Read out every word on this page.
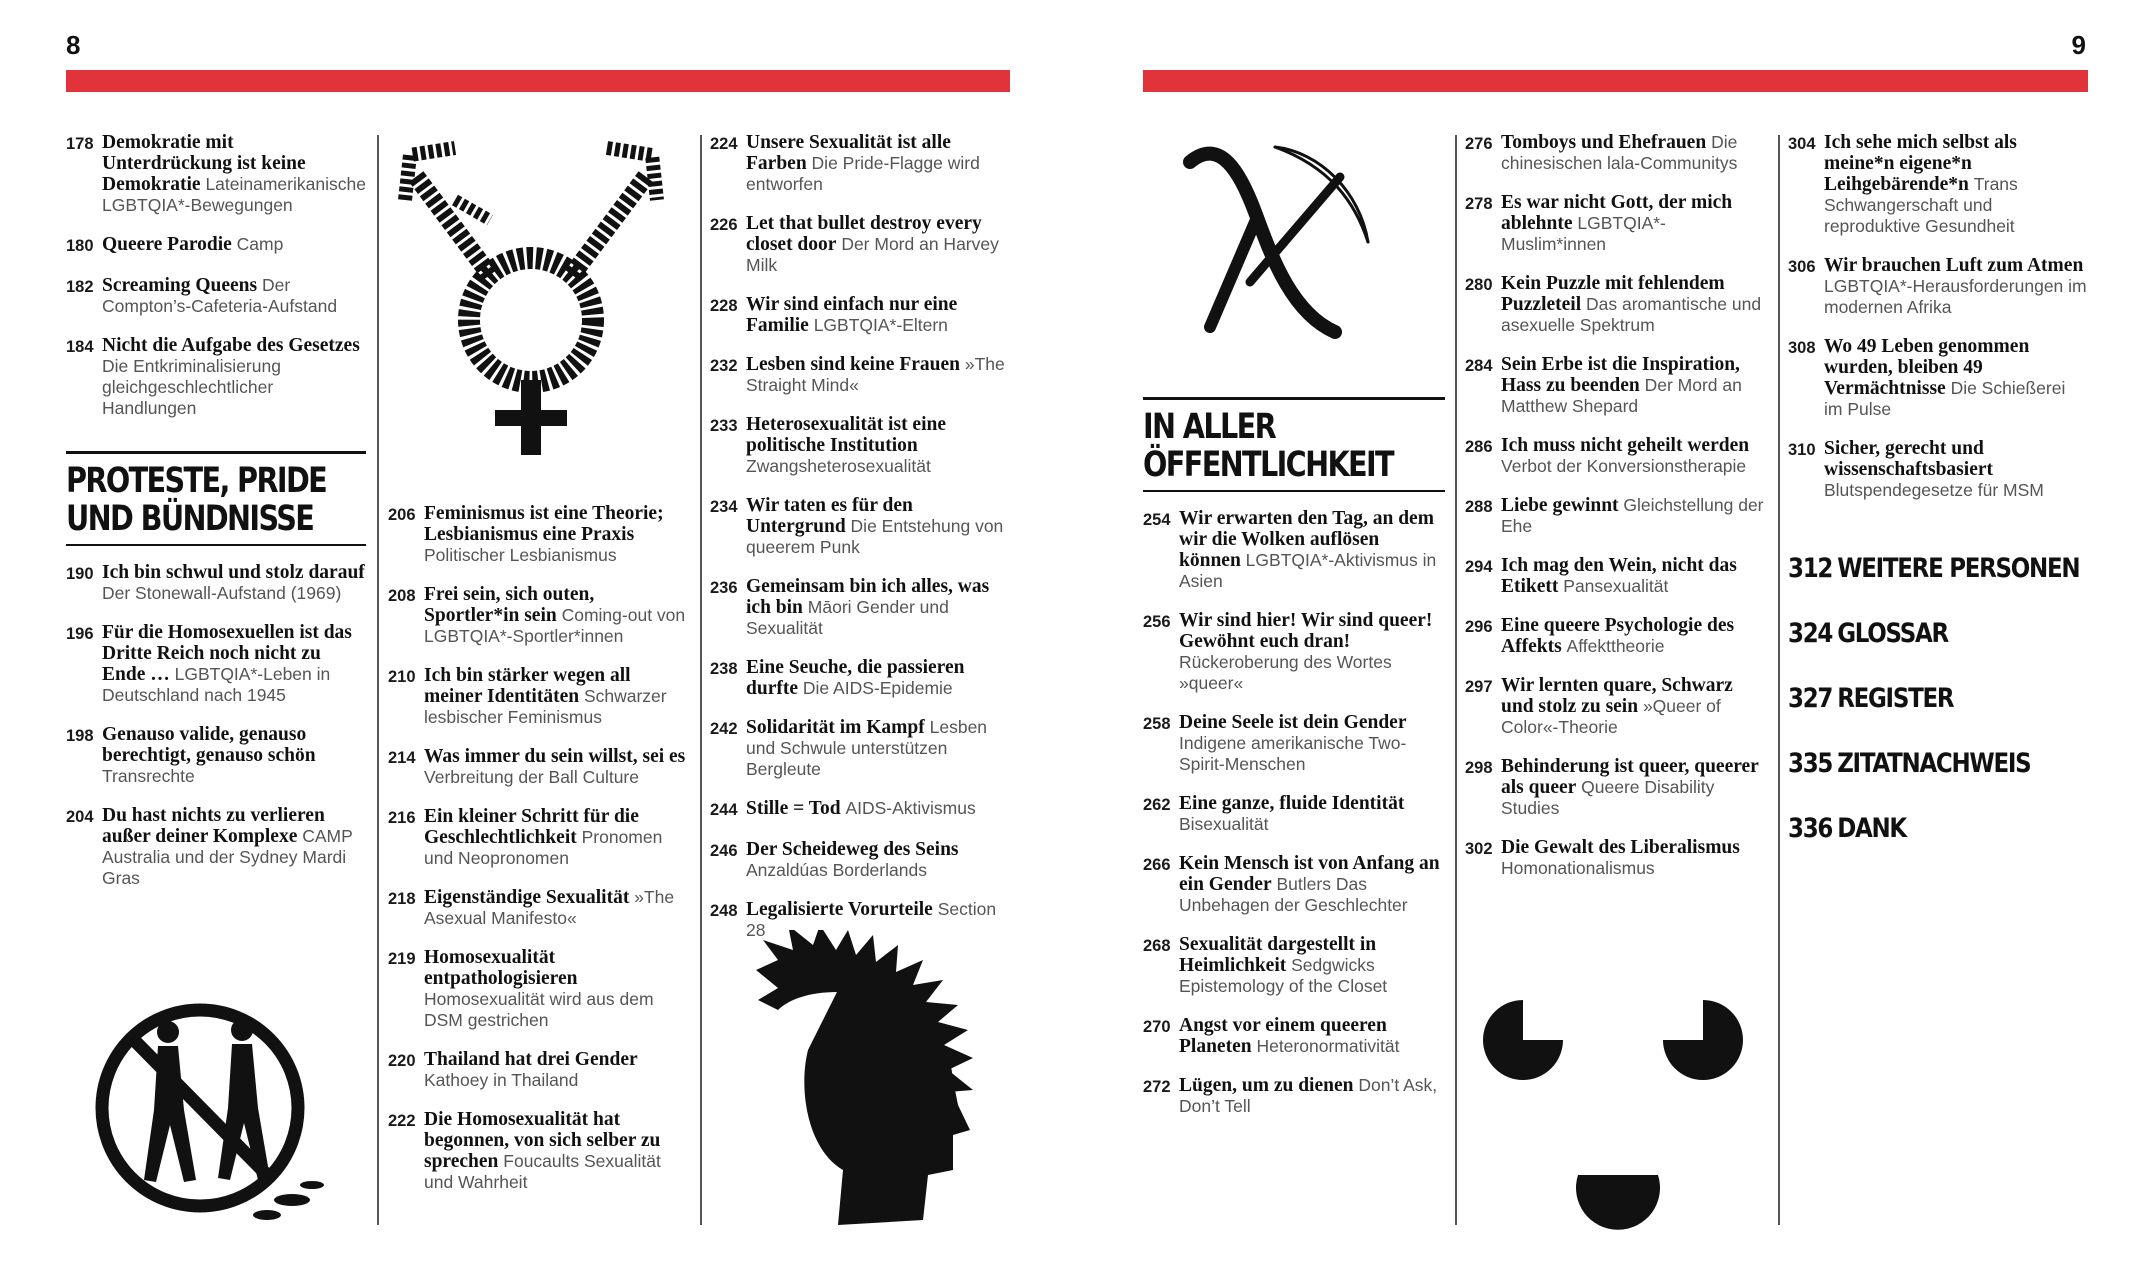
8	9
178 Demokratie mit Unterdrückung ist keine Demokratie Lateinamerikanische LGBTQIA*-Bewegungen
180 Queere Parodie Camp
182 Screaming Queens Der Compton’s-Cafeteria-Aufstand
184 Nicht die Aufgabe des Gesetzes Die Entkriminalisierung gleichgeschlechtlicher Handlungen
PROTESTE, PRIDE
UND BÜNDNISSE
190 Ich bin schwul und stolz darauf Der Stonewall-Aufstand (1969)
196 Für die Homosexuellen ist das Dritte Reich noch nicht zu Ende … LGBTQIA*-Leben in Deutschland nach 1945
198 Genauso valide, genauso berechtigt, genauso schön Transrechte
204 Du hast nichts zu verlieren außer deiner Komplexe CAMP Australia und der Sydney Mardi Gras
206 Feminismus ist eine Theorie; Lesbianismus eine Praxis Politischer Lesbianismus
208 Frei sein, sich outen, Sportler*in sein Coming-out von LGBTQIA*-Sportler*innen
210 Ich bin stärker wegen all meiner Identitäten Schwarzer lesbischer Feminismus
214 Was immer du sein willst, sei es Verbreitung der Ball Culture
216 Ein kleiner Schritt für die Geschlechtlichkeit Pronomen und Neopronomen
218 Eigenständige Sexualität »The Asexual Manifesto«
219 Homosexualität entpathologisieren Homosexualität wird aus dem DSM gestrichen
220 Thailand hat drei Gender Kathoey in Thailand
222 Die Homosexualität hat begonnen, von sich selber zu sprechen Foucaults Sexualität und Wahrheit
224 Unsere Sexualität ist alle Farben Die Pride-Flagge wird entworfen
226 Let that bullet destroy every closet door Der Mord an Harvey Milk
228 Wir sind einfach nur eine Familie LGBTQIA*-Eltern
232 Lesben sind keine Frauen »The Straight Mind«
233 Heterosexualität ist eine politische Institution Zwangsheterosexualität
234 Wir taten es für den Untergrund Die Entstehung von queerem Punk
236 Gemeinsam bin ich alles, was ich bin Māori Gender und Sexualität
238 Eine Seuche, die passieren durfte Die AIDS-Epidemie
242 Solidarität im Kampf Lesben und Schwule unterstützen Bergleute
244 Stille = Tod AIDS-Aktivismus
246 Der Scheideweg des Seins Anzaldúas Borderlands
248 Legalisierte Vorurteile Section 28
IN ALLER
ÖFFENTLICHKEIT
254 Wir erwarten den Tag, an dem wir die Wolken auflösen können LGBTQIA*-Aktivismus in Asien
256 Wir sind hier! Wir sind queer! Gewöhnt euch dran! Rückeroberung des Wortes »queer«
258 Deine Seele ist dein Gender Indigene amerikanische Two-Spirit-Menschen
262 Eine ganze, fluide Identität Bisexualität
266 Kein Mensch ist von Anfang an ein Gender Butlers Das Unbehagen der Geschlechter
268 Sexualität dargestellt in Heimlichkeit Sedgwicks Epistemology of the Closet
270 Angst vor einem queeren Planeten Heteronormativität
272 Lügen, um zu dienen Don’t Ask, Don’t Tell
276 Tomboys und Ehefrauen Die chinesischen lala-Communitys
278 Es war nicht Gott, der mich ablehnte LGBTQIA*-Muslim*innen
280 Kein Puzzle mit fehlendem Puzzleteil Das aromantische und asexuelle Spektrum
284 Sein Erbe ist die Inspiration, Hass zu beenden Der Mord an Matthew Shepard
286 Ich muss nicht geheilt werden Verbot der Konversionstherapie
288 Liebe gewinnt Gleichstellung der Ehe
294 Ich mag den Wein, nicht das Etikett Pansexualität
296 Eine queere Psychologie des Affekts Affekttheorie
297 Wir lernten quare, Schwarz und stolz zu sein »Queer of Color«-Theorie
298 Behinderung ist queer, queerer als queer Queere Disability Studies
302 Die Gewalt des Liberalismus Homonationalismus
304 Ich sehe mich selbst als meine*n eigene*n Leihgebärende*n Trans Schwangerschaft und reproduktive Gesundheit
306 Wir brauchen Luft zum Atmen LGBTQIA*-Herausforderungen im modernen Afrika
308 Wo 49 Leben genommen wurden, bleiben 49 Vermächtnisse Die Schießerei im Pulse
310 Sicher, gerecht und wissenschaftsbasiert Blutspendegesetze für MSM
312 WEITERE PERSONEN
324 GLOSSAR
327 REGISTER
335 ZITATNACHWEIS
336 DANK
